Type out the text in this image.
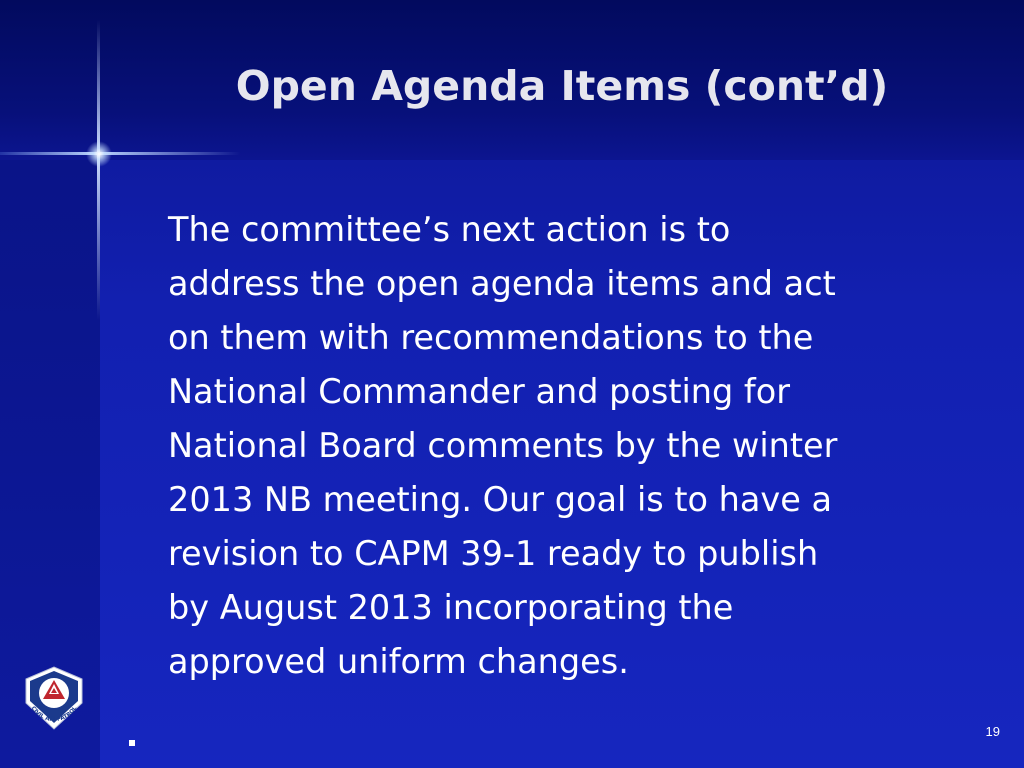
Open Agenda Items (cont’d)
The committee’s next action is to
address the open agenda items and act
on them with recommendations to the
National Commander and posting for
National Board comments by the winter
2013 NB meeting. Our goal is to have a
revision to CAPM 39-1 ready to publish
by August 2013 incorporating the
approved uniform changes.
CIVIL AIR PATROL
19
